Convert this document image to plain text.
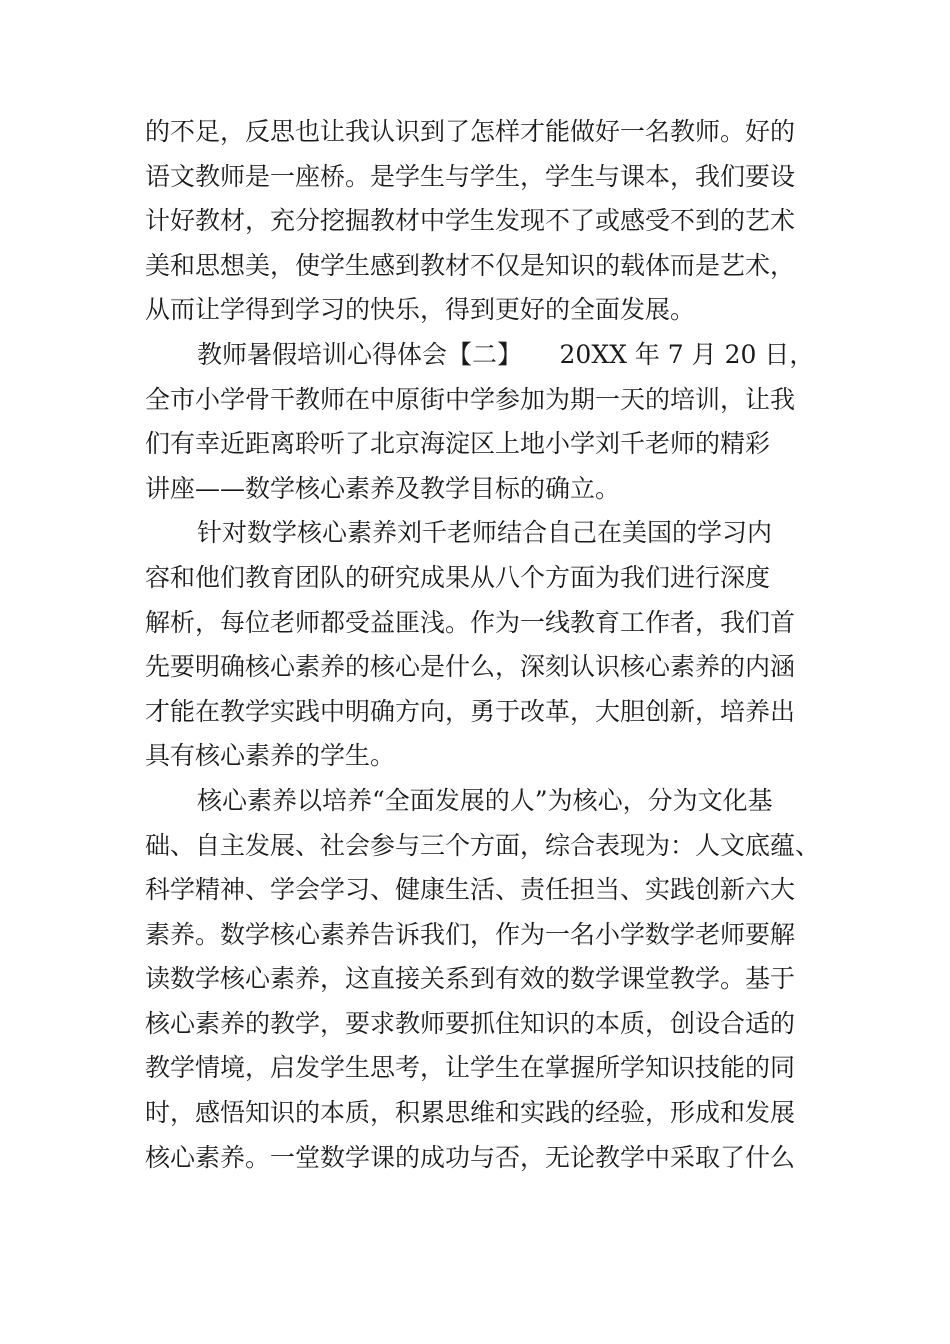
的不足，反思也让我认识到了怎样才能做好一名教师。好的
语文教师是一座桥。是学生与学生，学生与课本，我们要设
计好教材，充分挖掘教材中学生发现不了或感受不到的艺术
美和思想美，使学生感到教材不仅是知识的载体而是艺术，
从而让学得到学习的快乐，得到更好的全面发展。
教师暑假培训心得体会【二】　　20XX 年 7 月 20 日，
全市小学骨干教师在中原街中学参加为期一天的培训，让我
们有幸近距离聆听了北京海淀区上地小学刘千老师的精彩
讲座——数学核心素养及教学目标的确立。
针对数学核心素养刘千老师结合自己在美国的学习内
容和他们教育团队的研究成果从八个方面为我们进行深度
解析，每位老师都受益匪浅。作为一线教育工作者，我们首
先要明确核心素养的核心是什么，深刻认识核心素养的内涵
才能在教学实践中明确方向，勇于改革，大胆创新，培养出
具有核心素养的学生。
核心素养以培养“全面发展的人”为核心，分为文化基
础、自主发展、社会参与三个方面，综合表现为：人文底蕴、
科学精神、学会学习、健康生活、责任担当、实践创新六大
素养。数学核心素养告诉我们，作为一名小学数学老师要解
读数学核心素养，这直接关系到有效的数学课堂教学。基于
核心素养的教学，要求教师要抓住知识的本质，创设合适的
教学情境，启发学生思考，让学生在掌握所学知识技能的同
时，感悟知识的本质，积累思维和实践的经验，形成和发展
核心素养。一堂数学课的成功与否，无论教学中采取了什么
